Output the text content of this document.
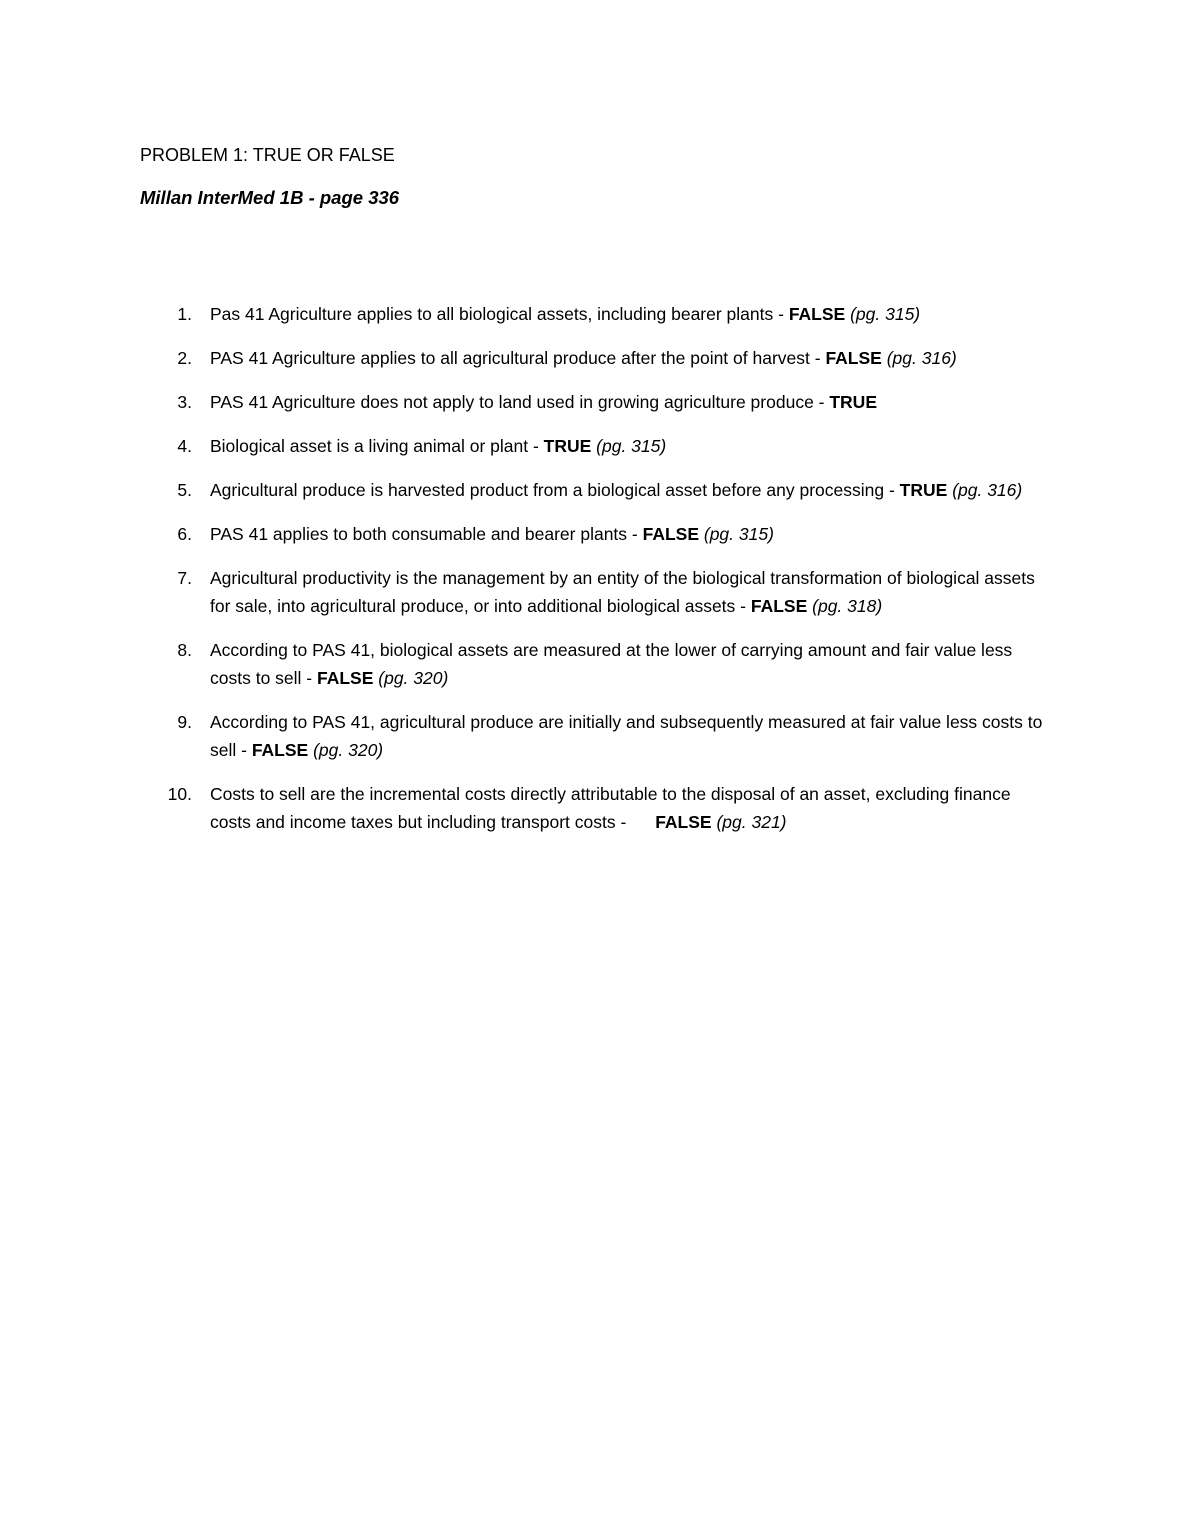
PROBLEM 1: TRUE OR FALSE
Millan InterMed 1B - page 336
1. Pas 41 Agriculture applies to all biological assets, including bearer plants - FALSE (pg. 315)
2. PAS 41 Agriculture applies to all agricultural produce after the point of harvest - FALSE (pg. 316)
3. PAS 41 Agriculture does not apply to land used in growing agriculture produce - TRUE
4. Biological asset is a living animal or plant - TRUE (pg. 315)
5. Agricultural produce is harvested product from a biological asset before any processing - TRUE (pg. 316)
6. PAS 41 applies to both consumable and bearer plants - FALSE (pg. 315)
7. Agricultural productivity is the management by an entity of the biological transformation of biological assets for sale, into agricultural produce, or into additional biological assets - FALSE (pg. 318)
8. According to PAS 41, biological assets are measured at the lower of carrying amount and fair value less costs to sell - FALSE (pg. 320)
9. According to PAS 41, agricultural produce are initially and subsequently measured at fair value less costs to sell - FALSE (pg. 320)
10. Costs to sell are the incremental costs directly attributable to the disposal of an asset, excluding finance costs and income taxes but including transport costs - FALSE (pg. 321)
